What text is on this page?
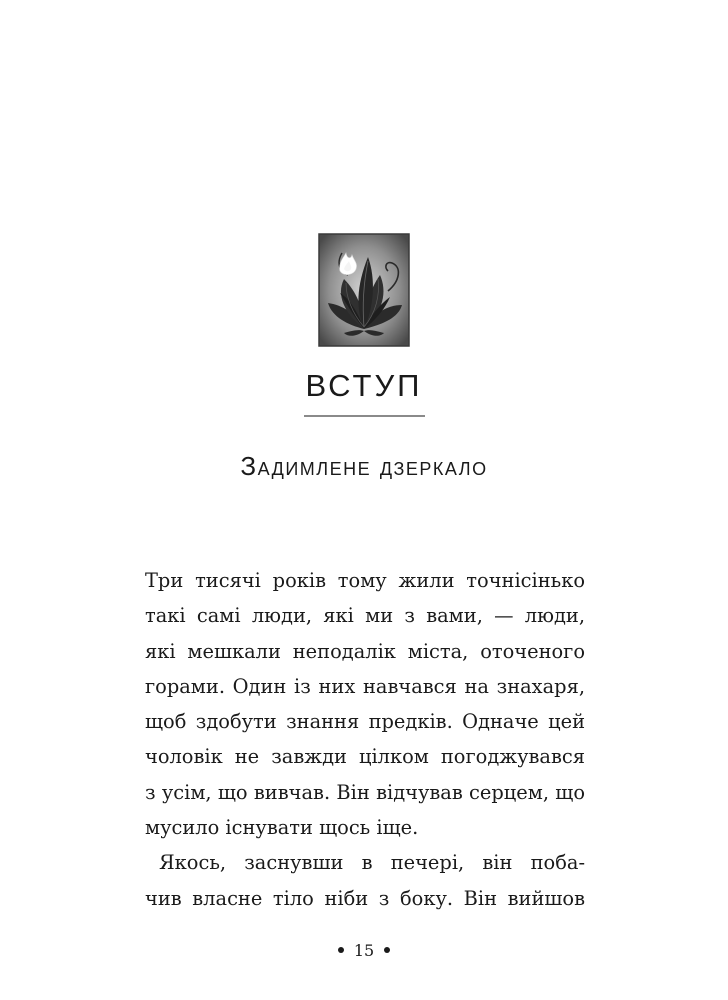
ВСТУП
Задимлене дзеркало
Три тисячі років тому жили точнісінько
такі самі люди, які ми з вами, — люди,
які мешкали неподалік міста, оточеного
горами. Один із них навчався на знахаря,
щоб здобути знання предків. Одначе цей
чоловік не завжди цілком погоджувався
з усім, що вивчав. Він відчував серцем, що
мусило існувати щось іще.
Якось, заснувши в печері, він поба-
чив власне тіло ніби з боку. Він вийшов
15
